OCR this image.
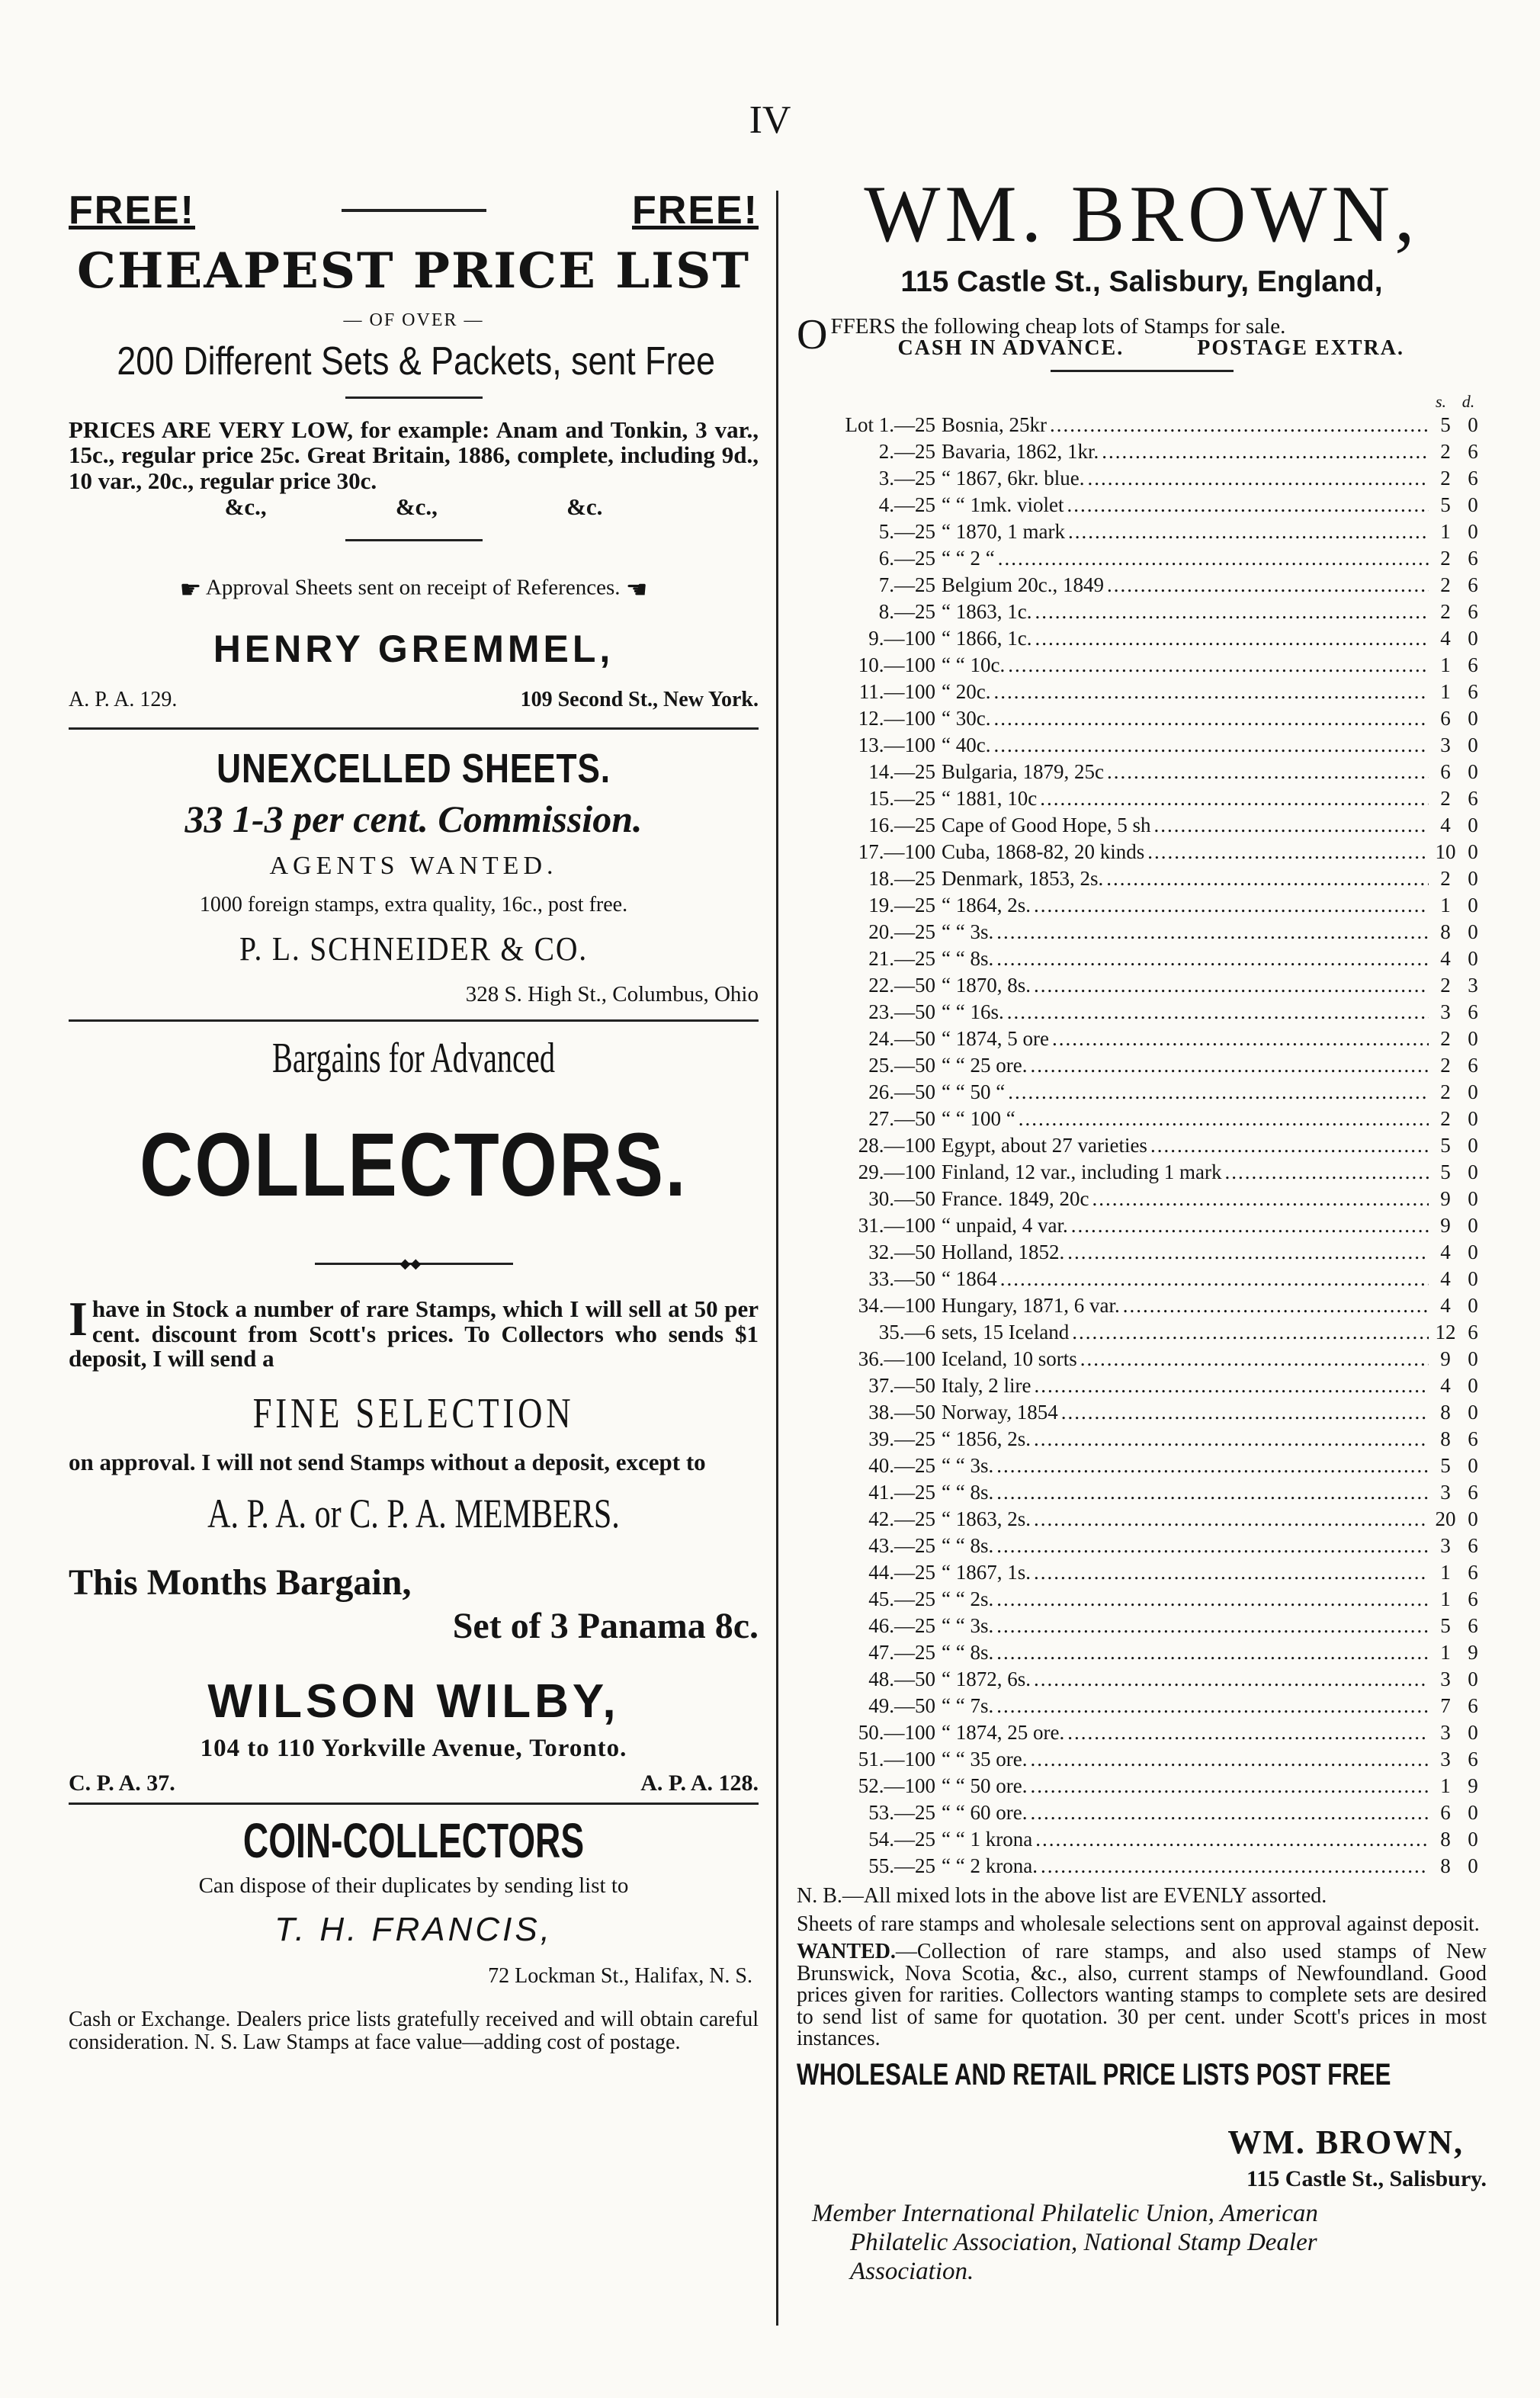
IV
FREE!	FREE!
CHEAPEST PRICE LIST
— OF OVER —
200 Different Sets & Packets, sent Free
PRICES ARE VERY LOW, for example: Anam and Tonkin, 3 var., 15c., regular price 25c. Great Britain, 1886, complete, including 9d., 10 var., 20c., regular price 30c.
&c.,	&c.,	&c.
☛ Approval Sheets sent on receipt of References. ☚
HENRY GREMMEL,
A. P. A. 129.	109 Second St., New York.
UNEXCELLED SHEETS.
33 1-3 per cent. Commission.
AGENTS WANTED.
1000 foreign stamps, extra quality, 16c., post free.
P. L. SCHNEIDER & CO.
328 S. High St., Columbus, Ohio
Bargains for Advanced
COLLECTORS.
◆◆
I have in Stock a number of rare Stamps, which I will sell at 50 per cent. discount from Scott's prices. To Collectors who sends $1 deposit, I will send a
FINE SELECTION
on approval. I will not send Stamps without a deposit, except to
A. P. A. or C. P. A. MEMBERS.
This Months Bargain,
Set of 3 Panama 8c.
WILSON WILBY,
104 to 110 Yorkville Avenue, Toronto.
C. P. A. 37.	A. P. A. 128.
COIN-COLLECTORS
Can dispose of their duplicates by sending list to
T. H. FRANCIS,
72 Lockman St., Halifax, N. S.
Cash or Exchange. Dealers price lists gratefully received and will obtain careful consideration. N. S. Law Stamps at face value—adding cost of postage.
WM. BROWN,
115 Castle St., Salisbury, England,
O FFERS the following cheap lots of Stamps for sale.
CASH IN ADVANCE.	POSTAGE EXTRA.
s. d.
Lot 1.—25 Bosnia, 25kr .....	5 0
2.—25 Bavaria, 1862, 1kr. .....	2 6
3.—25 “ 1867, 6kr. blue. .....	2 6
4.—25 “ “ 1mk. violet .....	5 0
5.—25 “ 1870, 1 mark .....	1 0
6.—25 “ “ 2 “ .....	2 6
7.—25 Belgium 20c., 1849 .....	2 6
8.—25 “ 1863, 1c. .....	2 6
9.—100 “ 1866, 1c. .....	4 0
10.—100 “ “ 10c. .....	1 6
11.—100 “ 20c. .....	1 6
12.—100 “ 30c. .....	6 0
13.—100 “ 40c. .....	3 0
14.—25 Bulgaria, 1879, 25c .....	6 0
15.—25 “ 1881, 10c .....	2 6
16.—25 Cape of Good Hope, 5 sh .....	4 0
17.—100 Cuba, 1868-82, 20 kinds .....	10 0
18.—25 Denmark, 1853, 2s. .....	2 0
19.—25 “ 1864, 2s. .....	1 0
20.—25 “ “ 3s. .....	8 0
21.—25 “ “ 8s. .....	4 0
22.—50 “ 1870, 8s. .....	2 3
23.—50 “ “ 16s. .....	3 6
24.—50 “ 1874, 5 ore .....	2 0
25.—50 “ “ 25 ore. .....	2 6
26.—50 “ “ 50 “ .....	2 0
27.—50 “ “ 100 “ .....	2 0
28.—100 Egypt, about 27 varieties .....	5 0
29.—100 Finland, 12 var., including 1 mark .....	5 0
30.—50 France. 1849, 20c .....	9 0
31.—100 “ unpaid, 4 var. .....	9 0
32.—50 Holland, 1852. .....	4 0
33.—50 “ 1864 .....	4 0
34.—100 Hungary, 1871, 6 var. .....	4 0
35.—6 sets, 15 Iceland .....	12 6
36.—100 Iceland, 10 sorts .....	9 0
37.—50 Italy, 2 lire .....	4 0
38.—50 Norway, 1854 .....	8 0
39.—25 “ 1856, 2s. .....	8 6
40.—25 “ “ 3s. .....	5 0
41.—25 “ “ 8s. .....	3 6
42.—25 “ 1863, 2s. .....	20 0
43.—25 “ “ 8s. .....	3 6
44.—25 “ 1867, 1s. .....	1 6
45.—25 “ “ 2s. .....	1 6
46.—25 “ “ 3s. .....	5 6
47.—25 “ “ 8s. .....	1 9
48.—50 “ 1872, 6s. .....	3 0
49.—50 “ “ 7s. .....	7 6
50.—100 “ 1874, 25 ore. .....	3 0
51.—100 “ “ 35 ore. .....	3 6
52.—100 “ “ 50 ore. .....	1 9
53.—25 “ “ 60 ore. .....	6 0
54.—25 “ “ 1 krona .....	8 0
55.—25 “ “ 2 krona. .....	8 0
N. B.—All mixed lots in the above list are EVENLY assorted.
Sheets of rare stamps and wholesale selections sent on approval against deposit.
WANTED.—Collection of rare stamps, and also used stamps of New Brunswick, Nova Scotia, &c., also, current stamps of Newfoundland. Good prices given for rarities. Collectors wanting stamps to complete sets are desired to send list of same for quotation. 30 per cent. under Scott's prices in most instances.
WHOLESALE AND RETAIL PRICE LISTS POST FREE
WM. BROWN,
115 Castle St., Salisbury.
Member International Philatelic Union, American
Philatelic Association, National Stamp Dealer
Association.
